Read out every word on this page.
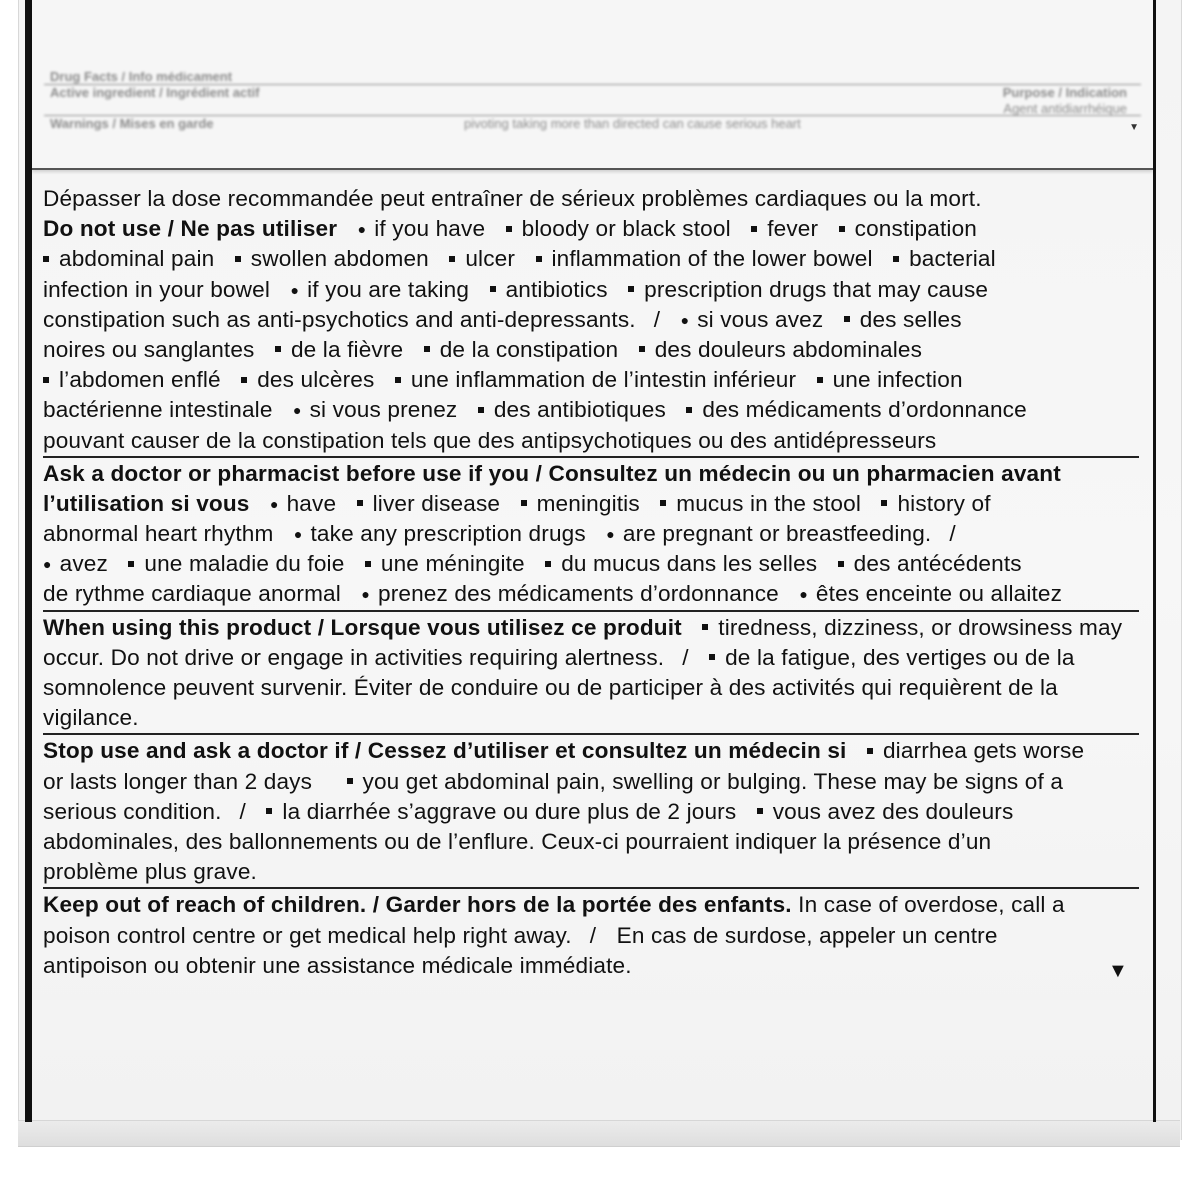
Drug Facts / Info médicament
Active ingredient / Ingrédient actif	Purpose / Indication
Agent antidiarrhéique
Warnings / Mises en garde	pivoting taking more than directed can cause serious heart	▼
Dépasser la dose recommandée peut entraîner de sérieux problèmes cardiaques ou la mort.
Do not use / Ne pas utiliser ● if you have bloody or black stool fever constipation
abdominal pain swollen abdomen ulcer inflammation of the lower bowel bacterial
infection in your bowel ● if you are taking antibiotics prescription drugs that may cause
constipation such as anti-psychotics and anti-depressants. / ● si vous avez des selles
noires ou sanglantes de la fièvre de la constipation des douleurs abdominales
l’abdomen enflé des ulcères une inflammation de l’intestin inférieur une infection
bactérienne intestinale ● si vous prenez des antibiotiques des médicaments d’ordonnance
pouvant causer de la constipation tels que des antipsychotiques ou des antidépresseurs
Ask a doctor or pharmacist before use if you / Consultez un médecin ou un pharmacien avant
l’utilisation si vous ● have liver disease meningitis mucus in the stool history of
abnormal heart rhythm ● take any prescription drugs ● are pregnant or breastfeeding. /
● avez une maladie du foie une méningite du mucus dans les selles des antécédents
de rythme cardiaque anormal ● prenez des médicaments d’ordonnance ● êtes enceinte ou allaitez
When using this product / Lorsque vous utilisez ce produit tiredness, dizziness, or drowsiness may
occur. Do not drive or engage in activities requiring alertness. / de la fatigue, des vertiges ou de la
somnolence peuvent survenir. Éviter de conduire ou de participer à des activités qui requièrent de la
vigilance.
Stop use and ask a doctor if / Cessez d’utiliser et consultez un médecin si diarrhea gets worse
or lasts longer than 2 days you get abdominal pain, swelling or bulging. These may be signs of a
serious condition. / la diarrhée s’aggrave ou dure plus de 2 jours vous avez des douleurs
abdominales, des ballonnements ou de l’enflure. Ceux-ci pourraient indiquer la présence d’un
problème plus grave.
Keep out of reach of children. / Garder hors de la portée des enfants. In case of overdose, call a
poison control centre or get medical help right away. / En cas de surdose, appeler un centre
antipoison ou obtenir une assistance médicale immédiate.	▼
